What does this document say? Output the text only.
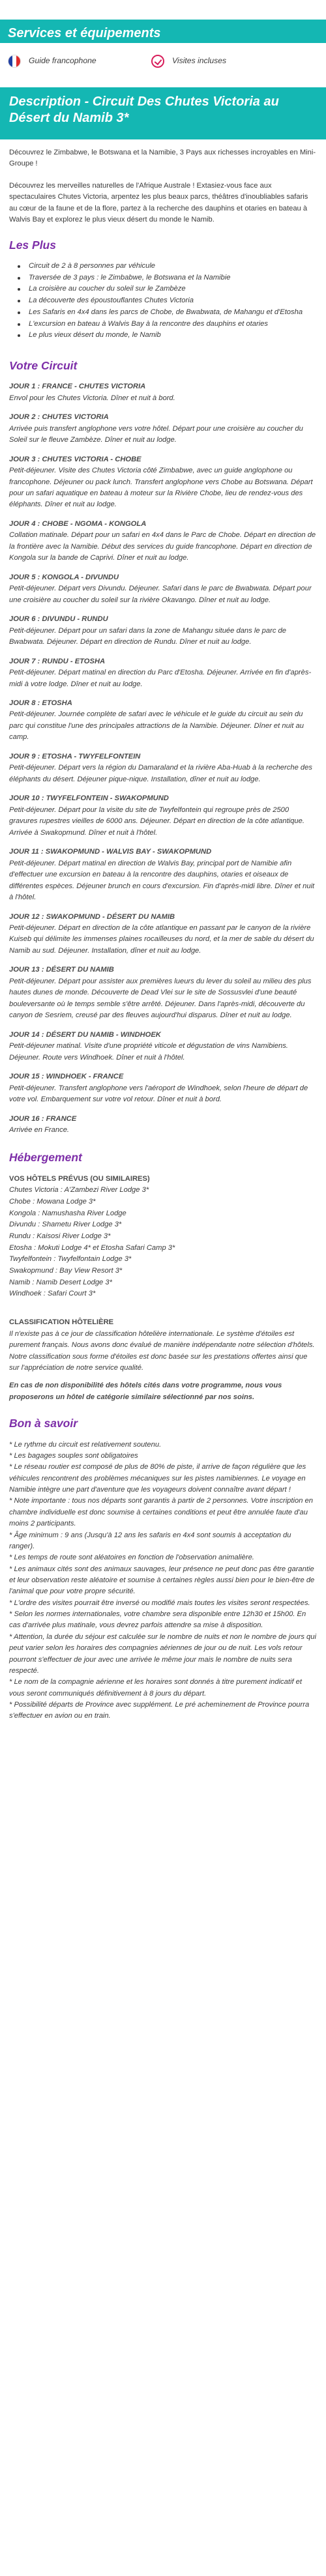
Services et équipements
Guide francophone	Visites incluses
Description - Circuit Des Chutes Victoria au Désert du Namib 3*

Découvrez le Zimbabwe, le Botswana et la Namibie, 3 Pays aux richesses incroyables en Mini-Groupe !

Découvrez les merveilles naturelles de l'Afrique Australe ! Extasiez-vous face aux spectaculaires Chutes Victoria, arpentez les plus beaux parcs, théâtres d'inoubliables safaris au cœur de la faune et de la flore, partez à la recherche des dauphins et otaries en bateau à Walvis Bay et explorez le plus vieux désert du monde le Namib.

Les Plus
Circuit de 2 à 8 personnes par véhicule
Traversée de 3 pays : le Zimbabwe, le Botswana et la Namibie
La croisière au coucher du soleil sur le Zambèze
La découverte des époustouflantes Chutes Victoria
Les Safaris en 4x4 dans les parcs de Chobe, de Bwabwata, de Mahangu et d'Etosha
L'excursion en bateau à Walvis Bay à la rencontre des dauphins et otaries
Le plus vieux désert du monde, le Namib
Votre Circuit
JOUR 1 : FRANCE - CHUTES VICTORIA
Envol pour les Chutes Victoria. Dîner et nuit à bord.
JOUR 2 : CHUTES VICTORIA
Arrivée puis transfert anglophone vers votre hôtel. Départ pour une croisière au coucher du Soleil sur le fleuve Zambèze. Dîner et nuit au lodge.
JOUR 3 : CHUTES VICTORIA - CHOBE
Petit-déjeuner. Visite des Chutes Victoria côté Zimbabwe, avec un guide anglophone ou francophone. Déjeuner ou pack lunch. Transfert anglophone vers Chobe au Botswana. Départ pour un safari aquatique en bateau à moteur sur la Rivière Chobe, lieu de rendez-vous des éléphants. Dîner et nuit au lodge.
JOUR 4 : CHOBE - NGOMA - KONGOLA
Collation matinale. Départ pour un safari en 4x4 dans le Parc de Chobe. Départ en direction de la frontière avec la Namibie. Début des services du guide francophone. Départ en direction de Kongola sur la bande de Caprivi. Dîner et nuit au lodge.
JOUR 5 : KONGOLA - DIVUNDU
Petit-déjeuner. Départ vers Divundu. Déjeuner. Safari dans le parc de Bwabwata. Départ pour une croisière au coucher du soleil sur la rivière Okavango. Dîner et nuit au lodge.
JOUR 6 : DIVUNDU - RUNDU
Petit-déjeuner. Départ pour un safari dans la zone de Mahangu située dans le parc de Bwabwata. Déjeuner. Départ en direction de Rundu. Dîner et nuit au lodge.
JOUR 7 : RUNDU - ETOSHA
Petit-déjeuner. Départ matinal en direction du Parc d'Etosha. Déjeuner. Arrivée en fin d'après-midi à votre lodge. Dîner et nuit au lodge.
JOUR 8 : ETOSHA
Petit-déjeuner. Journée complète de safari avec le véhicule et le guide du circuit au sein du parc qui constitue l'une des principales attractions de la Namibie. Déjeuner. Dîner et nuit au camp.
JOUR 9 : ETOSHA - TWYFELFONTEIN
Petit-déjeuner. Départ vers la région du Damaraland et la rivière Aba-Huab à la recherche des éléphants du désert. Déjeuner pique-nique. Installation, dîner et nuit au lodge.
JOUR 10 : TWYFELFONTEIN - SWAKOPMUND
Petit-déjeuner. Départ pour la visite du site de Twyfelfontein qui regroupe près de 2500 gravures rupestres vieilles de 6000 ans. Déjeuner. Départ en direction de la côte atlantique. Arrivée à Swakopmund. Dîner et nuit à l'hôtel.
JOUR 11 : SWAKOPMUND - WALVIS BAY - SWAKOPMUND
Petit-déjeuner. Départ matinal en direction de Walvis Bay, principal port de Namibie afin d'effectuer une excursion en bateau à la rencontre des dauphins, otaries et oiseaux de différentes espèces. Déjeuner brunch en cours d'excursion. Fin d'après-midi libre. Dîner et nuit à l'hôtel.
JOUR 12 : SWAKOPMUND - DÉSERT DU NAMIB
Petit-déjeuner. Départ en direction de la côte atlantique en passant par le canyon de la rivière Kuiseb qui délimite les immenses plaines rocailleuses du nord, et la mer de sable du désert du Namib au sud. Déjeuner. Installation, dîner et nuit au lodge.
JOUR 13 : DÉSERT DU NAMIB
Petit-déjeuner. Départ pour assister aux premières lueurs du lever du soleil au milieu des plus hautes dunes de monde. Découverte de Dead Vlei sur le site de Sossusvlei d'une beauté bouleversante où le temps semble s'être arrêté. Déjeuner. Dans l'après-midi, découverte du canyon de Sesriem, creusé par des fleuves aujourd'hui disparus. Dîner et nuit au lodge.
JOUR 14 : DÉSERT DU NAMIB - WINDHOEK
Petit-déjeuner matinal. Visite d'une propriété viticole et dégustation de vins Namibiens. Déjeuner. Route vers Windhoek. Dîner et nuit à l'hôtel.
JOUR 15 : WINDHOEK - FRANCE
Petit-déjeuner. Transfert anglophone vers l'aéroport de Windhoek, selon l'heure de départ de votre vol. Embarquement sur votre vol retour. Dîner et nuit à bord.
JOUR 16 : FRANCE
Arrivée en France.
Hébergement
VOS HÔTELS PRÉVUS (OU SIMILAIRES)
Chutes Victoria : A'Zambezi River Lodge 3*
Chobe : Mowana Lodge 3*
Kongola : Namushasha River Lodge
Divundu : Shametu River Lodge 3*
Rundu : Kaisosi River Lodge 3*
Etosha : Mokuti Lodge 4* et Etosha Safari Camp 3*
Twyfelfontein : Twyfelfontain Lodge 3*
Swakopmund : Bay View Resort 3*
Namib : Namib Desert Lodge 3*
Windhoek : Safari Court 3*
CLASSIFICATION HÔTELIÈRE
Il n'existe pas à ce jour de classification hôtelière internationale. Le système d'étoiles est purement français. Nous avons donc évalué de manière indépendante notre sélection d'hôtels. Notre classification sous forme d'étoiles est donc basée sur les prestations offertes ainsi que sur l'appréciation de notre service qualité.
En cas de non disponibilité des hôtels cités dans votre programme, nous vous proposerons un hôtel de catégorie similaire sélectionné par nos soins.
Bon à savoir
* Le rythme du circuit est relativement soutenu.
* Les bagages souples sont obligatoires
* Le réseau routier est composé de plus de 80% de piste, il arrive de façon régulière que les véhicules rencontrent des problèmes mécaniques sur les pistes namibiennes. Le voyage en Namibie intègre une part d'aventure que les voyageurs doivent connaître avant départ !
* Note importante : tous nos départs sont garantis à partir de 2 personnes. Votre inscription en chambre individuelle est donc soumise à certaines conditions et peut être annulée faute d'au moins 2 participants.
* Âge minimum : 9 ans (Jusqu'à 12 ans les safaris en 4x4 sont soumis à acceptation du ranger).
* Les temps de route sont aléatoires en fonction de l'observation animalière.
* Les animaux cités sont des animaux sauvages, leur présence ne peut donc pas être garantie et leur observation reste aléatoire et soumise à certaines règles aussi bien pour le bien-être de l'animal que pour votre propre sécurité.
* L'ordre des visites pourrait être inversé ou modifié mais toutes les visites seront respectées.
* Selon les normes internationales, votre chambre sera disponible entre 12h30 et 15h00. En cas d'arrivée plus matinale, vous devrez parfois attendre sa mise à disposition.
* Attention, la durée du séjour est calculée sur le nombre de nuits et non le nombre de jours qui peut varier selon les horaires des compagnies aériennes de jour ou de nuit. Les vols retour pourront s'effectuer de jour avec une arrivée le même jour mais le nombre de nuits sera respecté.
* Le nom de la compagnie aérienne et les horaires sont donnés à titre purement indicatif et vous seront communiqués définitivement à 8 jours du départ.
* Possibilité départs de Province avec supplément. Le pré acheminement de Province pourra s'effectuer en avion ou en train.
